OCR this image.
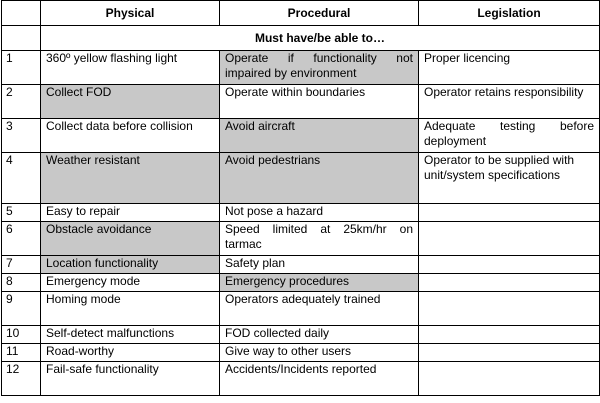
	Physical	Procedural	Legislation
	Must have/be able to…		
1	360º yellow flashing light	Operate if functionality not impaired by environment	Proper licencing
2	Collect FOD	Operate within boundaries	Operator retains responsibility
3	Collect data before collision	Avoid aircraft	Adequate testing before deployment
4	Weather resistant	Avoid pedestrians	Operator to be supplied with unit/system specifications
5	Easy to repair	Not pose a hazard	
6	Obstacle avoidance	Speed limited at 25km/hr on tarmac	
7	Location functionality	Safety plan	
8	Emergency mode	Emergency procedures	
9	Homing mode	Operators adequately trained	
10	Self-detect malfunctions	FOD collected daily	
11	Road-worthy	Give way to other users	
12	Fail-safe functionality	Accidents/Incidents reported	
